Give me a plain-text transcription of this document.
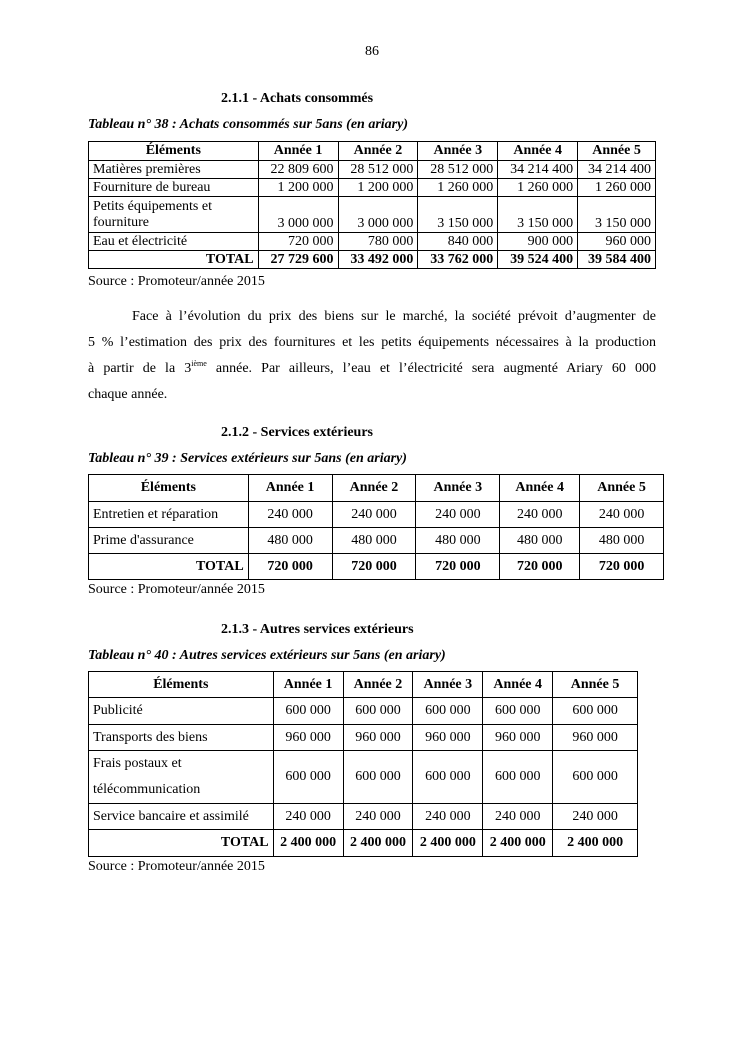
86
2.1.1 - Achats consommés
Tableau n° 38 : Achats consommés sur 5ans (en ariary)
Éléments	Année 1	Année 2	Année 3	Année 4	Année 5
Matières premières	22 809 600	28 512 000	28 512 000	34 214 400	34 214 400
Fourniture de bureau	1 200 000	1 200 000	1 260 000	1 260 000	1 260 000

Petits équipements et
fourniture	3 000 000	3 000 000	3 150 000	3 150 000	3 150 000
Eau et électricité	720 000	780 000	840 000	900 000	960 000
TOTAL	27 729 600	33 492 000	33 762 000	39 524 400	39 584 400
Source : Promoteur/année 2015

Face à l’évolution du prix des biens sur le marché, la société prévoit d’augmenter de

5 % l’estimation des prix des fournitures et les petits équipements nécessaires à la production

à partir de la 3ième année. Par ailleurs, l’eau et l’électricité sera augmenté Ariary 60 000

chaque année.

2.1.2 - Services extérieurs
Tableau n° 39 : Services extérieurs sur 5ans (en ariary)
Éléments	Année 1	Année 2	Année 3	Année 4	Année 5
Entretien et réparation	240 000	240 000	240 000	240 000	240 000
Prime d'assurance	480 000	480 000	480 000	480 000	480 000
TOTAL	720 000	720 000	720 000	720 000	720 000
Source : Promoteur/année 2015
2.1.3 - Autres services extérieurs
Tableau n° 40 : Autres services extérieurs sur 5ans (en ariary)
Éléments	Année 1	Année 2	Année 3	Année 4	Année 5
Publicité	600 000	600 000	600 000	600 000	600 000
Transports des biens	960 000	960 000	960 000	960 000	960 000

Frais postaux et
télécommunication	600 000	600 000	600 000	600 000	600 000
Service bancaire et assimilé	240 000	240 000	240 000	240 000	240 000
TOTAL	2 400 000	2 400 000	2 400 000	2 400 000	2 400 000
Source : Promoteur/année 2015
